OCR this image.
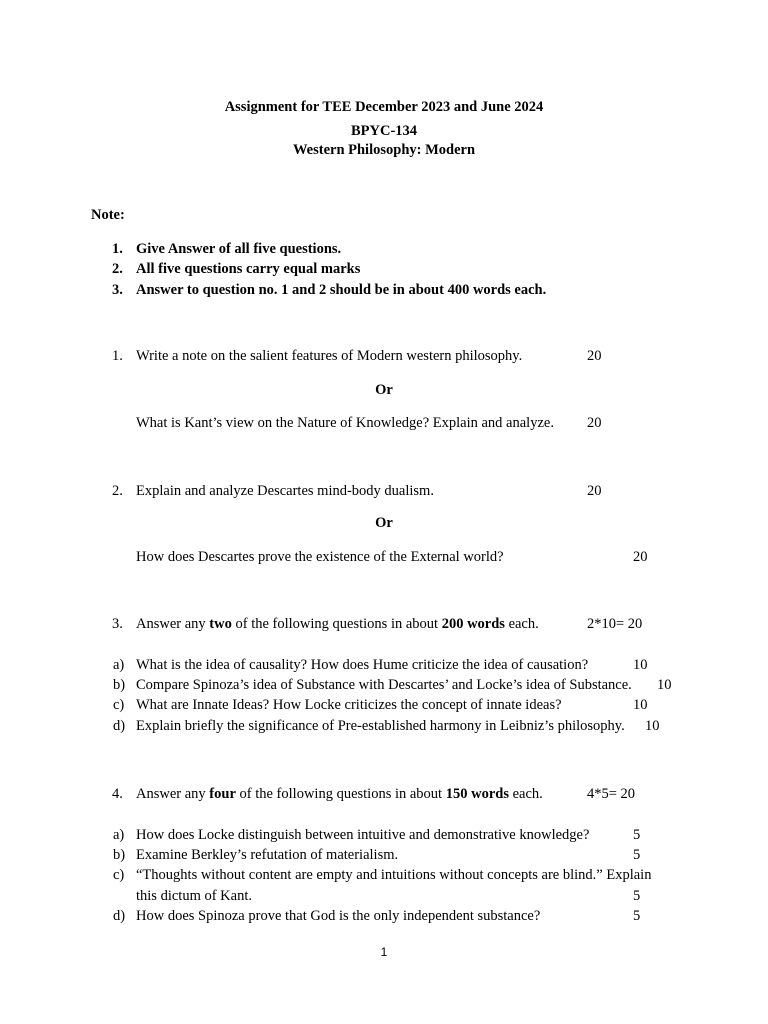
Assignment for TEE December 2023 and June 2024
BPYC-134
Western Philosophy: Modern
Note:
1. Give Answer of all five questions.
2. All five questions carry equal marks
3. Answer to question no. 1 and 2 should be in about 400 words each.
1. Write a note on the salient features of Modern western philosophy.	20
Or
What is Kant’s view on the Nature of Knowledge? Explain and analyze. 20
2. Explain and analyze Descartes mind-body dualism.	20
Or
How does Descartes prove the existence of the External world?	20
3. Answer any two of the following questions in about 200 words each.	2*10= 20
a) What is the idea of causality? How does Hume criticize the idea of causation?	10
b) Compare Spinoza’s idea of Substance with Descartes’ and Locke’s idea of Substance. 10
c) What are Innate Ideas? How Locke criticizes the concept of innate ideas?	10
d) Explain briefly the significance of Pre-established harmony in Leibniz’s philosophy. 10
4. Answer any four of the following questions in about 150 words each.	4*5= 20
a) How does Locke distinguish between intuitive and demonstrative knowledge?	5
b) Examine Berkley’s refutation of materialism.	5
c) “Thoughts without content are empty and intuitions without concepts are blind.” Explain
this dictum of Kant.	5
d) How does Spinoza prove that God is the only independent substance?	5
1
